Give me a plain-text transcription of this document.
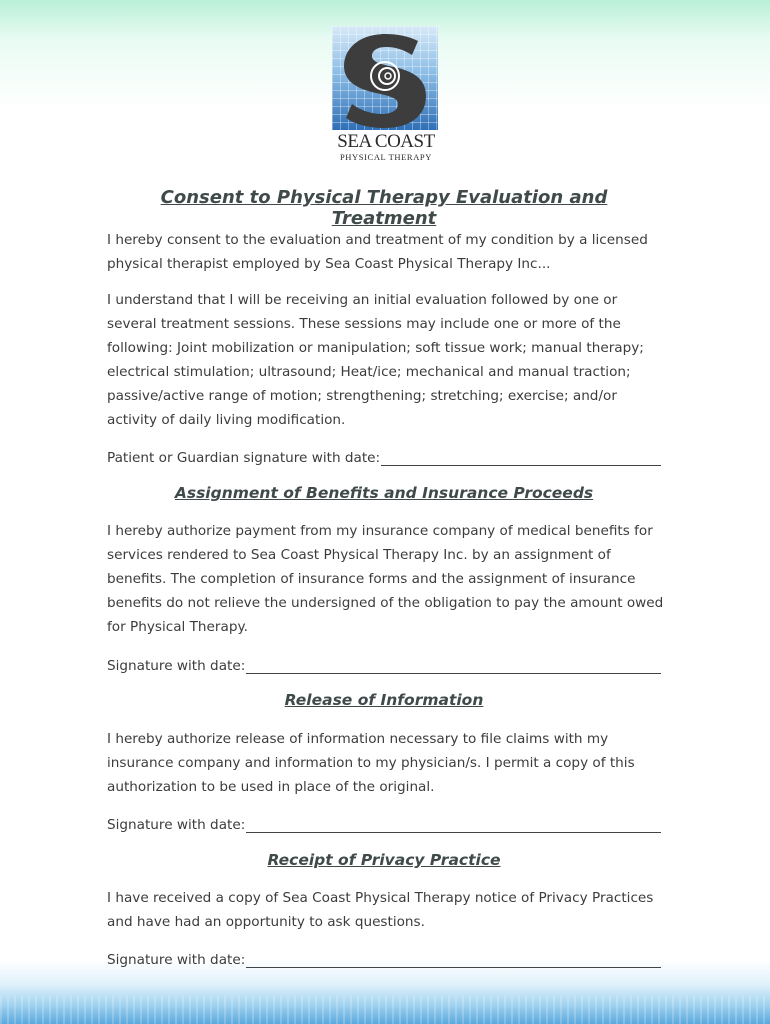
SEA COAST
PHYSICAL THERAPY
Consent to Physical Therapy Evaluation and Treatment

I hereby consent to the evaluation and treatment of my condition by a licensed physical therapist employed by Sea Coast Physical Therapy Inc...

I understand that I will be receiving an initial evaluation followed by one or several treatment sessions. These sessions may include one or more of the following: Joint mobilization or manipulation; soft tissue work; manual therapy; electrical stimulation; ultrasound; Heat/ice; mechanical and manual traction; passive/active range of motion; strengthening; stretching; exercise; and/or activity of daily living modification.

Patient or Guardian signature with date:
Assignment of Benefits and Insurance Proceeds

I hereby authorize payment from my insurance company of medical benefits for services rendered to Sea Coast Physical Therapy Inc. by an assignment of benefits. The completion of insurance forms and the assignment of insurance benefits do not relieve the undersigned of the obligation to pay the amount owed for Physical Therapy.

Signature with date:
Release of Information

I hereby authorize release of information necessary to file claims with my insurance company and information to my physician/s. I permit a copy of this authorization to be used in place of the original.

Signature with date:
Receipt of Privacy Practice

I have received a copy of Sea Coast Physical Therapy notice of Privacy Practices and have had an opportunity to ask questions.

Signature with date:
